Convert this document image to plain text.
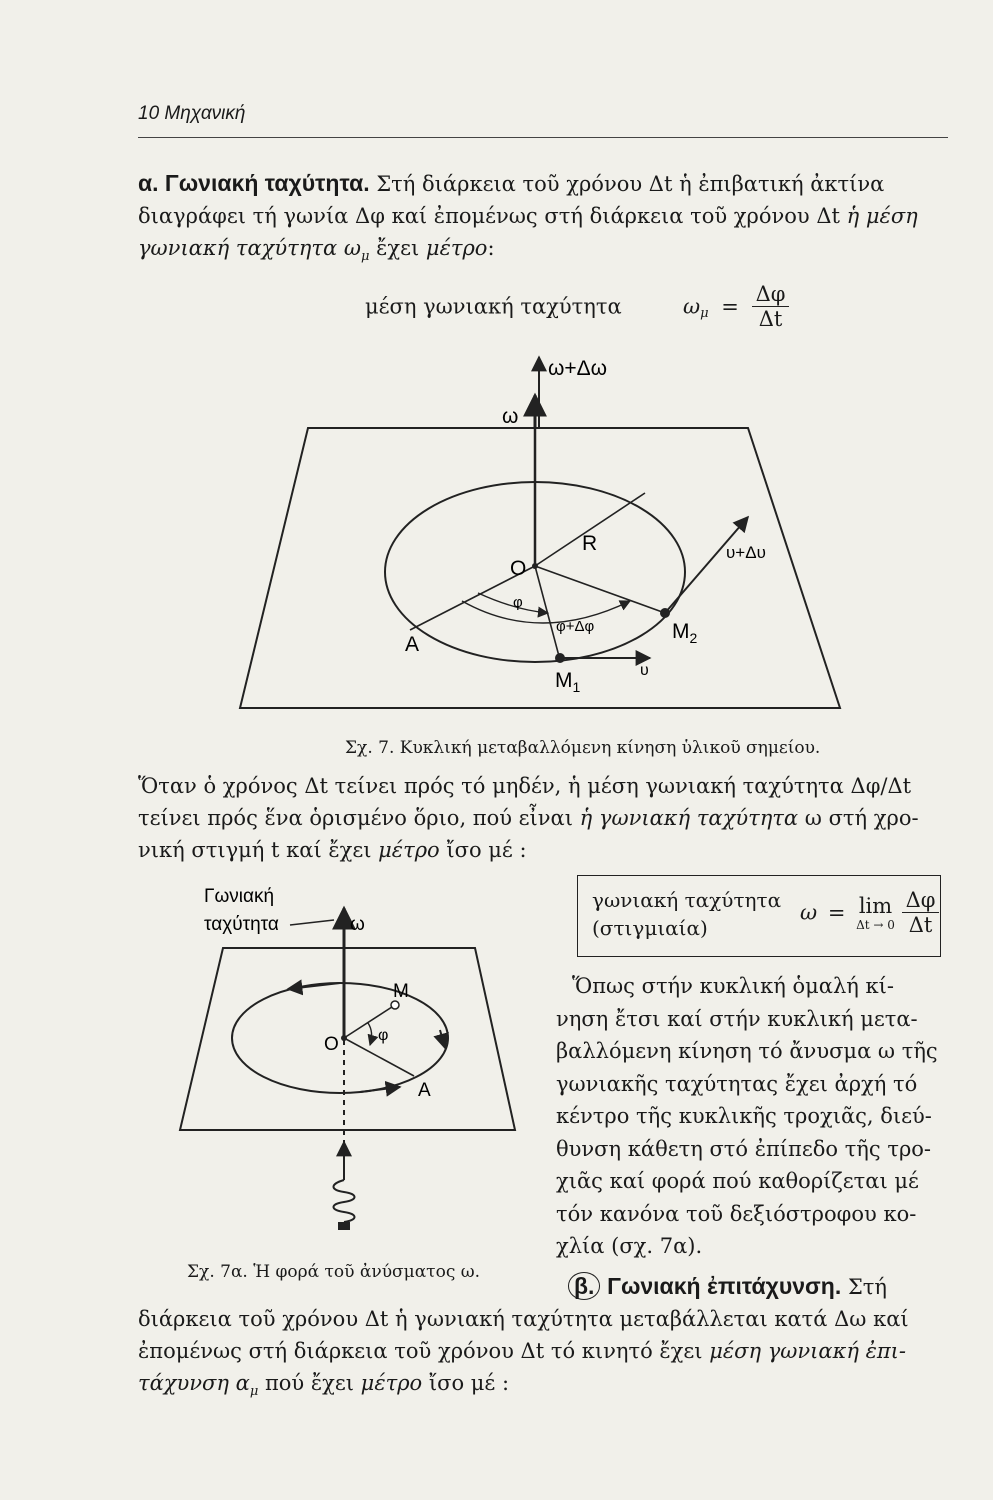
10 Μηχανική
α. Γωνιακή ταχύτητα. Στή διάρκεια τοῦ χρόνου Δt ἡ ἐπιβατική ἀκτίνα
διαγράφει τή γωνία Δφ καί ἐπομένως στή διάρκεια τοῦ χρόνου Δt ἡ μέση
γωνιακή ταχύτητα $\omega_\mu$ ἔχει μέτρο:
μέση γωνιακή ταχύτητα	$\omega_\mu = \frac{\Delta\varphi}{\Delta t}$
ω+Δω
ω
R
O
φ
φ+Δφ
A
$M_1$
$M_2$
υ
υ+Δυ
Σχ. 7. Κυκλική μεταβαλλόμενη κίνηση ὑλικοῦ σημείου.
Ὅταν ὁ χρόνος Δt τείνει πρός τό μηδέν, ἡ μέση γωνιακή ταχύτητα Δφ/Δt
τείνει πρός ἕνα ὁρισμένο ὅριο, πού εἶναι ἡ γωνιακή ταχύτητα ω στή χρο-
νική στιγμή t καί ἔχει μέτρο ἴσο μέ :
γωνιακή ταχύτητα
(στιγμιαία)
ω = lim
Δt → 0
$\frac{\Delta\varphi}{\Delta t}$
Γωνιακή
ταχύτητα	ω
M
O φ
A
Σχ. 7α. Ἡ φορά τοῦ ἀνύσματος ω.
Ὅπως στήν κυκλική ὁμαλή κί-
νηση ἔτσι καί στήν κυκλική μετα-
βαλλόμενη κίνηση τό ἄνυσμα ω τῆς
γωνιακῆς ταχύτητας ἔχει ἀρχή τό
κέντρο τῆς κυκλικῆς τροχιᾶς, διεύ-
θυνση κάθετη στό ἐπίπεδο τῆς τρο-
χιᾶς καί φορά πού καθορίζεται μέ
τόν κανόνα τοῦ δεξιόστροφου κο-
χλία (σχ. 7α).
β. Γωνιακή ἐπιτάχυνση. Στή
διάρκεια τοῦ χρόνου Δt ἡ γωνιακή ταχύτητα μεταβάλλεται κατά Δω καί
ἐπομένως στή διάρκεια τοῦ χρόνου Δt τό κινητό ἔχει μέση γωνιακή ἐπι-
τάχυνση $\alpha_\mu$ πού ἔχει μέτρο ἴσο μέ :
